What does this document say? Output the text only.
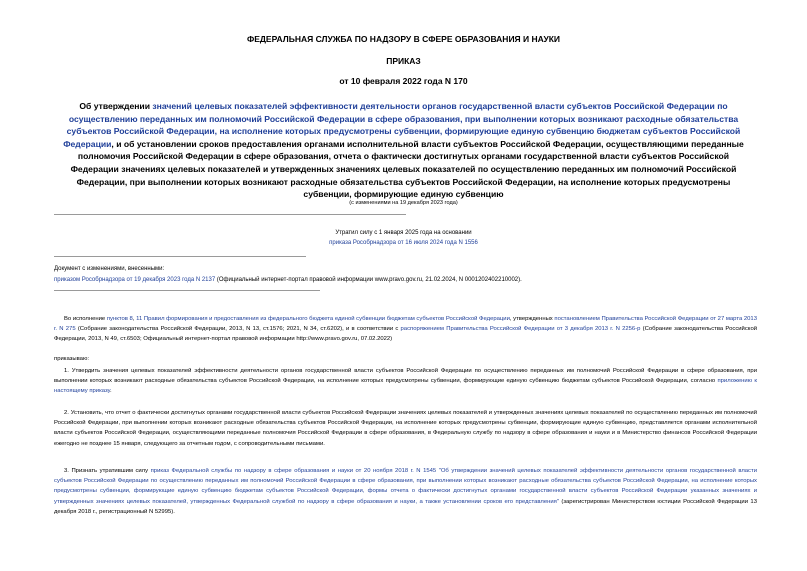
ФЕДЕРАЛЬНАЯ СЛУЖБА ПО НАДЗОРУ В СФЕРЕ ОБРАЗОВАНИЯ И НАУКИ
ПРИКАЗ
от 10 февраля 2022 года N 170
Об утверждении значений целевых показателей эффективности деятельности органов государственной власти субъектов Российской Федерации по осуществлению переданных им полномочий Российской Федерации в сфере образования, при выполнении которых возникают расходные обязательства субъектов Российской Федерации, на исполнение которых предусмотрены субвенции, формирующие единую субвенцию бюджетам субъектов Российской Федерации, и об установлении сроков предоставления органами исполнительной власти субъектов Российской Федерации, осуществляющими переданные полномочия Российской Федерации в сфере образования, отчета о фактически достигнутых органами государственной власти субъектов Российской Федерации значениях целевых показателей и утвержденных значениях целевых показателей по осуществлению переданных им полномочий Российской Федерации, при выполнении которых возникают расходные обязательства субъектов Российской Федерации, на исполнение которых предусмотрены субвенции, формирующие единую субвенцию
(с изменениями на 19 декабря 2023 года)
Утратил силу с 1 января 2025 года на основании
приказа Рособрнадзора от 16 июля 2024 года N 1556
Документ с изменениями, внесенными:
приказом Рособрнадзора от 19 декабря 2023 года N 2137 (Официальный интернет-портал правовой информации www.pravo.gov.ru, 21.02.2024, N 0001202402210002).
Во исполнение пунктов 8, 11 Правил формирования и предоставления из федерального бюджета единой субвенции бюджетам субъектов Российской Федерации, утвержденных постановлением Правительства Российской Федерации от 27 марта 2013 г. N 275 (Собрание законодательства Российской Федерации, 2013, N 13, ст.1576; 2021, N 34, ст.6202), и в соответствии с распоряжением Правительства Российской Федерации от 3 декабря 2013 г. N 2256-р (Собрание законодательства Российской Федерации, 2013, N 49, ст.6503; Официальный интернет-портал правовой информации http://www.pravo.gov.ru, 07.02.2022)
приказываю:
1. Утвердить значения целевых показателей эффективности деятельности органов государственной власти субъектов Российской Федерации по осуществлению переданных им полномочий Российской Федерации в сфере образования, при выполнении которых возникают расходные обязательства субъектов Российской Федерации, на исполнение которых предусмотрены субвенции, формирующие единую субвенцию бюджетам субъектов Российской Федерации, согласно приложению к настоящему приказу.
2. Установить, что отчет о фактически достигнутых органами государственной власти субъектов Российской Федерации значениях целевых показателей и утвержденных значениях целевых показателей по осуществлению переданных им полномочий Российской Федерации, при выполнении которых возникают расходные обязательства субъектов Российской Федерации, на исполнение которых предусмотрены субвенции, формирующие единую субвенцию, представляется органами исполнительной власти субъектов Российской Федерации, осуществляющими переданные полномочия Российской Федерации в сфере образования, в Федеральную службу по надзору в сфере образования и науки и в Министерство финансов Российской Федерации ежегодно не позднее 15 января, следующего за отчетным годом, с сопроводительными письмами.
3. Признать утратившим силу приказ Федеральной службы по надзору в сфере образования и науки от 20 ноября 2018 г. N 1545 "Об утверждении значений целевых показателей эффективности деятельности органов государственной власти субъектов Российской Федерации по осуществлению переданных им полномочий Российской Федерации в сфере образования, при выполнении которых возникают расходные обязательства субъектов Российской Федерации, на исполнение которых предусмотрены субвенции, формирующие единую субвенцию бюджетам субъектов Российской Федерации, формы отчета о фактически достигнутых органами государственной власти субъектов Российской Федерации указанных значениях и утвержденных значениях целевых показателей, утвержденных Федеральной службой по надзору в сфере образования и науки, а также установлении сроков его представления" (зарегистрирован Министерством юстиции Российской Федерации 13 декабря 2018 г., регистрационный N 52995).
